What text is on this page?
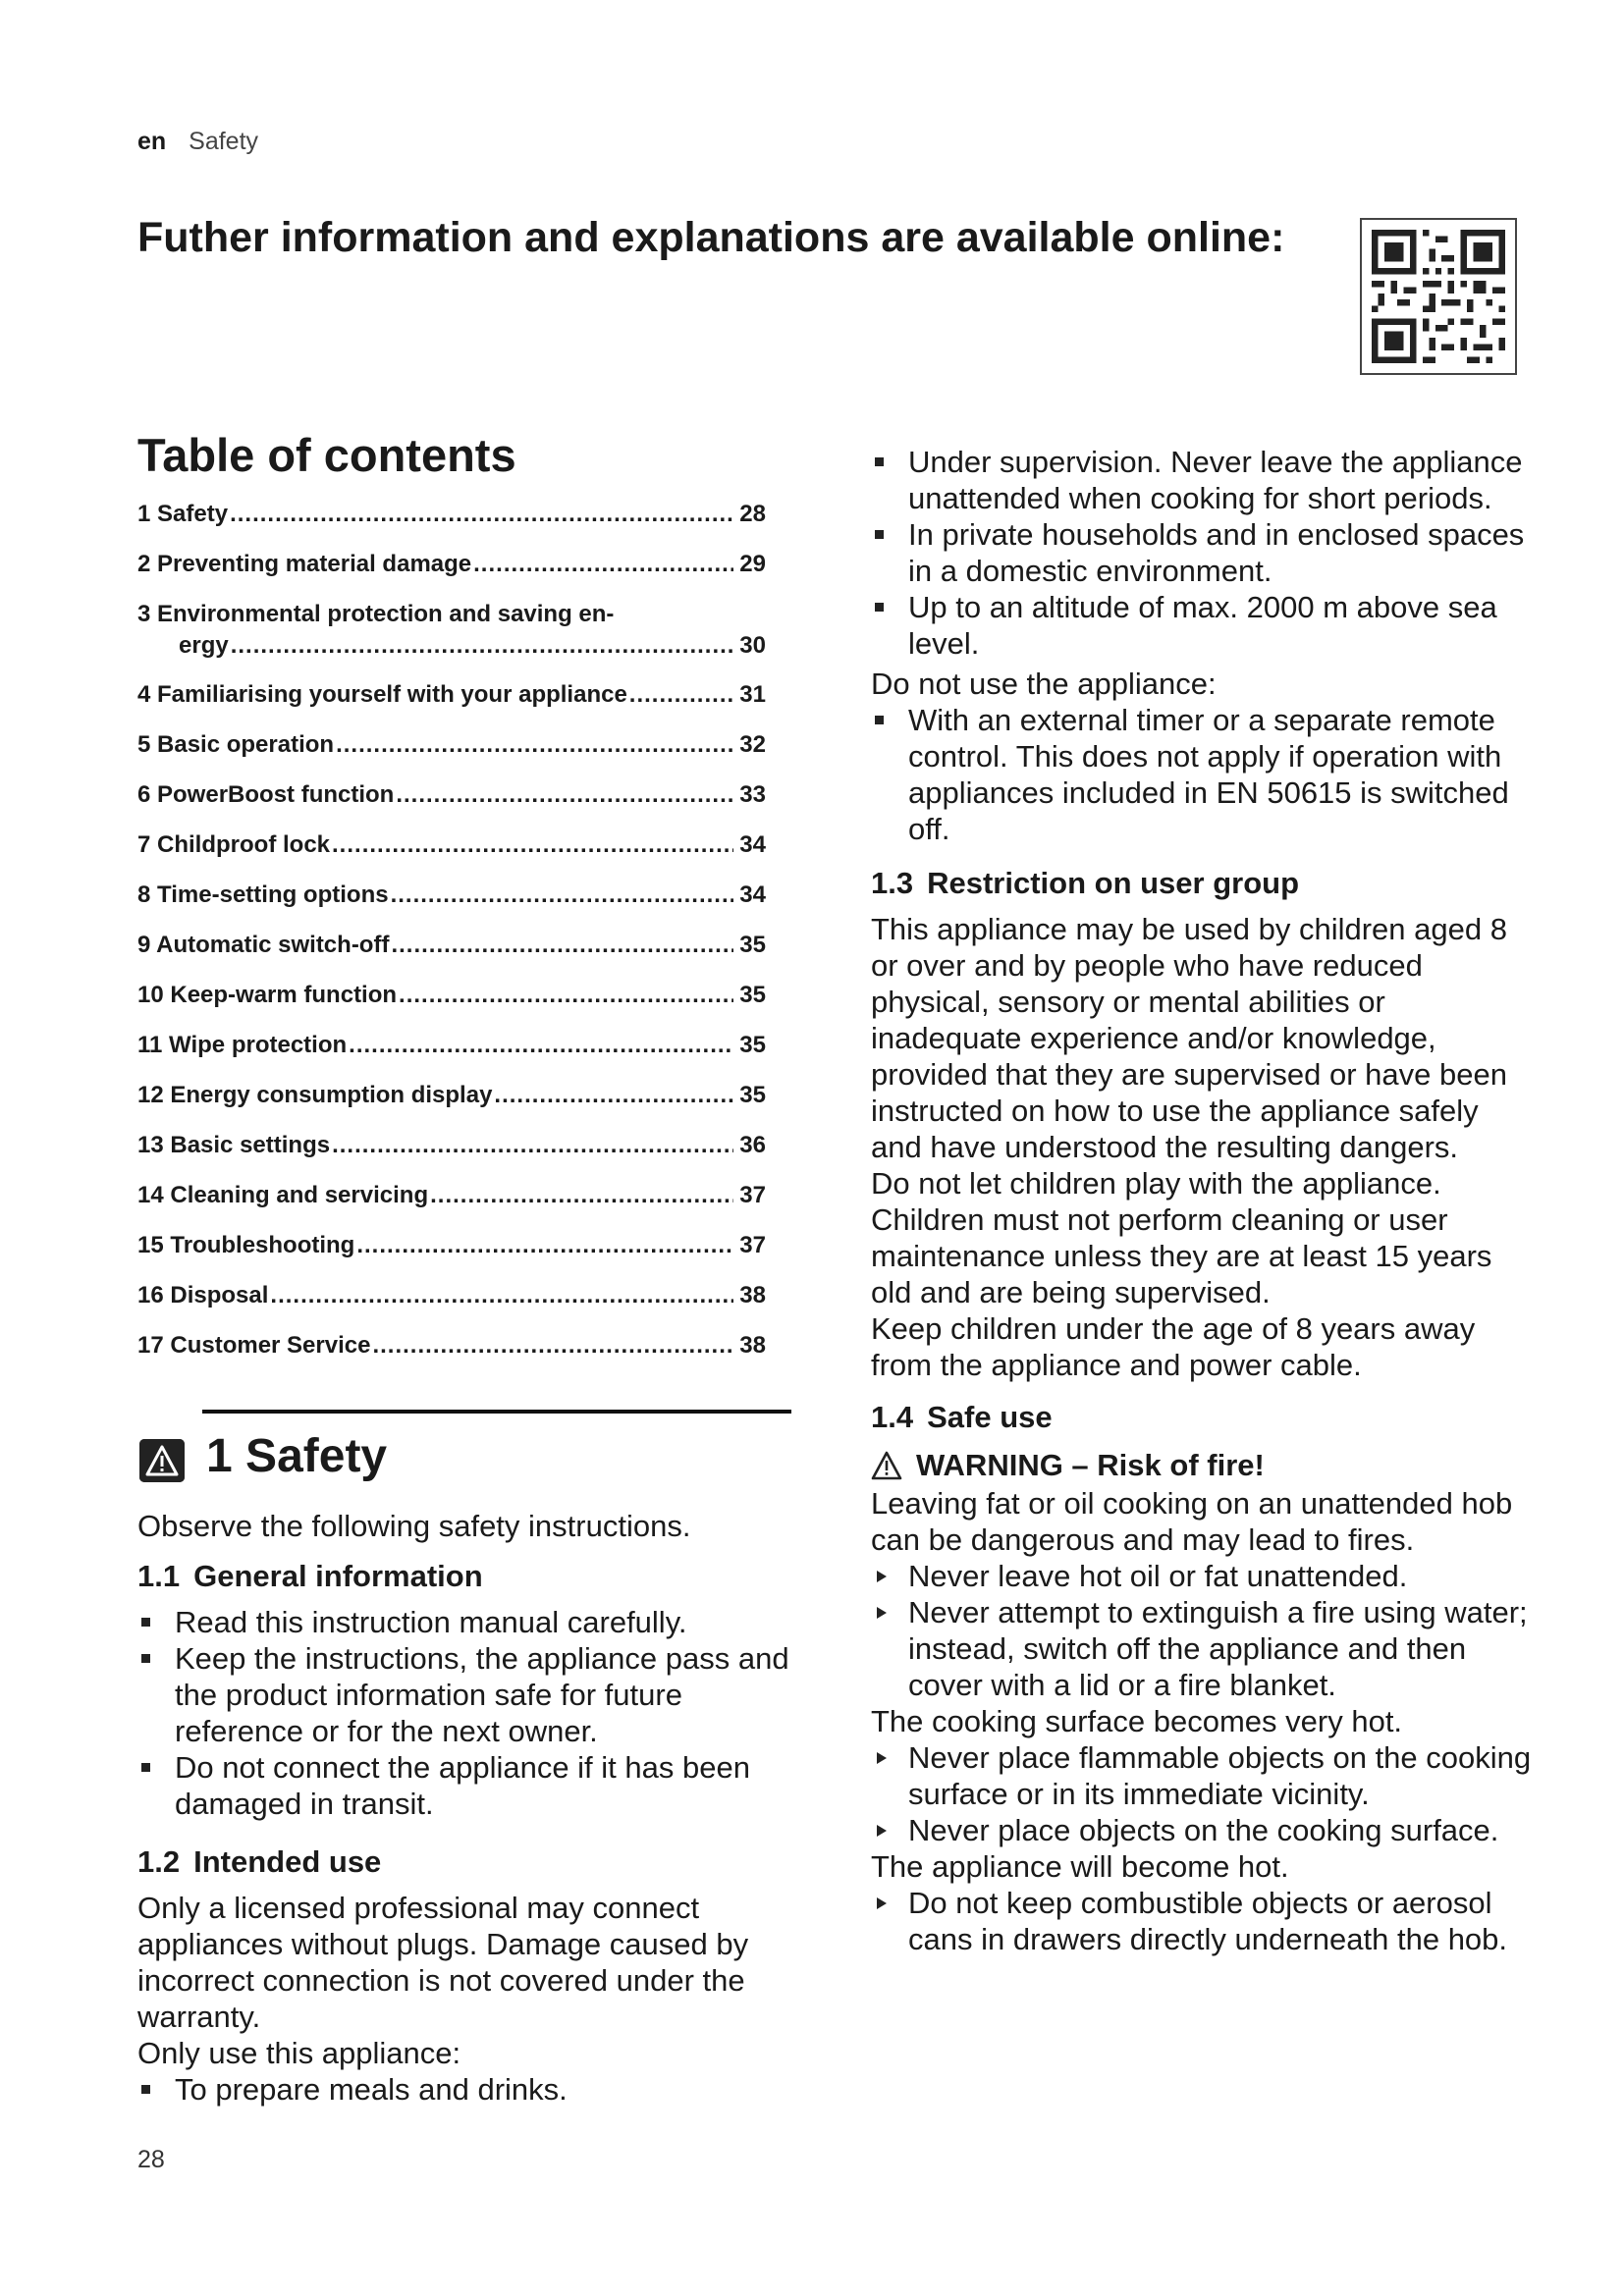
en Safety
Futher information and explanations are available online:
Table of contents
1 Safety .....	28
2 Preventing material damage .....	29
3 Environmental protection and saving en-
ergy .....	30
4 Familiarising yourself with your appliance .....	31
5 Basic operation .....	32
6 PowerBoost function .....	33
7 Childproof lock .....	34
8 Time-setting options .....	34
9 Automatic switch-off .....	35
10 Keep-warm function .....	35
11 Wipe protection .....	35
12 Energy consumption display .....	35
13 Basic settings .....	36
14 Cleaning and servicing .....	37
15 Troubleshooting .....	37
16 Disposal .....	38
17 Customer Service .....	38
1 Safety

Observe the following safety instructions.

1.1 General information
Read this instruction manual carefully.
Keep the instructions, the appliance pass and the product information safe for future reference or for the next owner.
Do not connect the appliance if it has been damaged in transit.
1.2 Intended use

Only a licensed professional may connect appliances without plugs. Damage caused by incorrect connection is not covered under the warranty.

Only use this appliance:

To prepare meals and drinks.
Under supervision. Never leave the appliance unattended when cooking for short periods.
In private households and in enclosed spaces in a domestic environment.
Up to an altitude of max. 2000 m above sea level.

Do not use the appliance:

With an external timer or a separate remote control. This does not apply if operation with appliances included in EN 50615 is switched off.
1.3 Restriction on user group

This appliance may be used by children aged 8 or over and by people who have reduced physical, sensory or mental abilities or inadequate experience and/or knowledge, provided that they are supervised or have been instructed on how to use the appliance safely and have understood the resulting dangers.

Do not let children play with the appliance.

Children must not perform cleaning or user maintenance unless they are at least 15 years old and are being supervised.

Keep children under the age of 8 years away from the appliance and power cable.

1.4 Safe use
WARNING – Risk of fire!

Leaving fat or oil cooking on an unattended hob can be dangerous and may lead to fires.

Never leave hot oil or fat unattended.
Never attempt to extinguish a fire using water; instead, switch off the appliance and then cover with a lid or a fire blanket.

The cooking surface becomes very hot.

Never place flammable objects on the cooking surface or in its immediate vicinity.
Never place objects on the cooking surface.

The appliance will become hot.

Do not keep combustible objects or aerosol cans in drawers directly underneath the hob.
28
